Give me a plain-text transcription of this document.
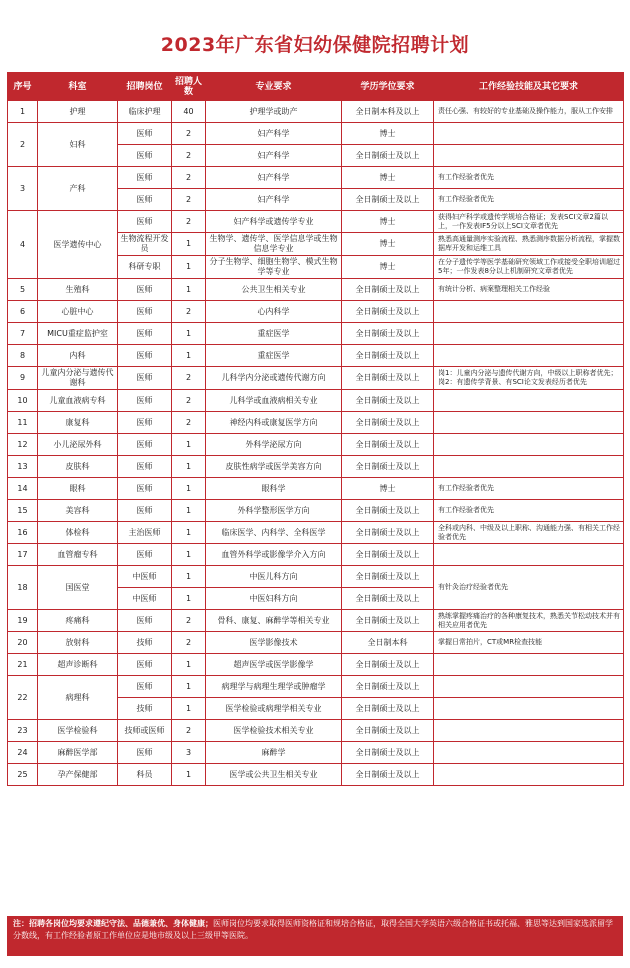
2023年广东省妇幼保健院招聘计划
序号	科室	招聘岗位	招聘人数	专业要求	学历学位要求	工作经验技能及其它要求
1	护理	临床护理	40	护理学或助产	全日制本科及以上	责任心强、有较好的专业基础及操作能力，服从工作安排
2	妇科	医师	2	妇产科学	博士	
		医师	2	妇产科学	全日制硕士及以上	
3	产科	医师	2	妇产科学	博士	有工作经验者优先
		医师	2	妇产科学	全日制硕士及以上	有工作经验者优先
4	医学遗传中心	医师	2	妇产科学或遗传学专业	博士	获得妇产科学或遗传学规培合格证；发表SCI文章2篇以上，一作发表IF5分以上SCI文章者优先
		生物流程开发员	1	生物学、遗传学、医学信息学或生物信息学专业	博士	熟悉高通量测序实验流程、熟悉测序数据分析流程，掌握数据库开发和运维工具
		科研专职	1	分子生物学、细胞生物学、模式生物学等专业	博士	在分子遗传学等医学基础研究领域工作或接受全职培训超过5年；一作发表8分以上机制研究文章者优先
5	生殖科	医师	1	公共卫生相关专业	全日制硕士及以上	有统计分析、病案整理相关工作经验
6	心脏中心	医师	2	心内科学	全日制硕士及以上	
7	MICU重症监护室	医师	1	重症医学	全日制硕士及以上	
8	内科	医师	1	重症医学	全日制硕士及以上	
9	儿童内分泌与遗传代谢科	医师	2	儿科学内分泌或遗传代谢方向	全日制硕士及以上	岗1：儿童内分泌与遗传代谢方向，中级以上职称者优先；岗2：有遗传学背景、有SCI论文发表经历者优先
10	儿童血液病专科	医师	2	儿科学或血液病相关专业	全日制硕士及以上	
11	康复科	医师	2	神经内科或康复医学方向	全日制硕士及以上	
12	小儿泌尿外科	医师	1	外科学泌尿方向	全日制硕士及以上	
13	皮肤科	医师	1	皮肤性病学或医学美容方向	全日制硕士及以上	
14	眼科	医师	1	眼科学	博士	有工作经验者优先
15	美容科	医师	1	外科学整形医学方向	全日制硕士及以上	有工作经验者优先
16	体检科	主治医师	1	临床医学、内科学、全科医学	全日制硕士及以上	全科或内科、中级及以上职称、沟通能力强、有相关工作经验者优先
17	血管瘤专科	医师	1	血管外科学或影像学介入方向	全日制硕士及以上	
18	国医堂	中医师	1	中医儿科方向	全日制硕士及以上	有针灸治疗经验者优先
		中医师	1	中医妇科方向	全日制硕士及以上	
19	疼痛科	医师	2	骨科、康复、麻醉学等相关专业	全日制硕士及以上	熟练掌握疼痛治疗的各种康复技术，熟悉关节松动技术并有相关应用者优先
20	放射科	技师	2	医学影像技术	全日制本科	掌握日常拍片，CT或MR检查技能
21	超声诊断科	医师	1	超声医学或医学影像学	全日制硕士及以上	
22	病理科	医师	1	病理学与病理生理学或肿瘤学	全日制硕士及以上	
		技师	1	医学检验或病理学相关专业	全日制硕士及以上	
23	医学检验科	技师或医师	2	医学检验技术相关专业	全日制硕士及以上	
24	麻醉医学部	医师	3	麻醉学	全日制硕士及以上	
25	孕产保健部	科员	1	医学或公共卫生相关专业	全日制硕士及以上	
注：招聘各岗位均要求遵纪守法、品德兼优、身体健康；医师岗位均要求取得医师资格证和规培合格证，取得全国大学英语六级合格证书或托福、雅思等达到国家选派留学分数线，有工作经验者原工作单位应是地市级及以上三级甲等医院。
